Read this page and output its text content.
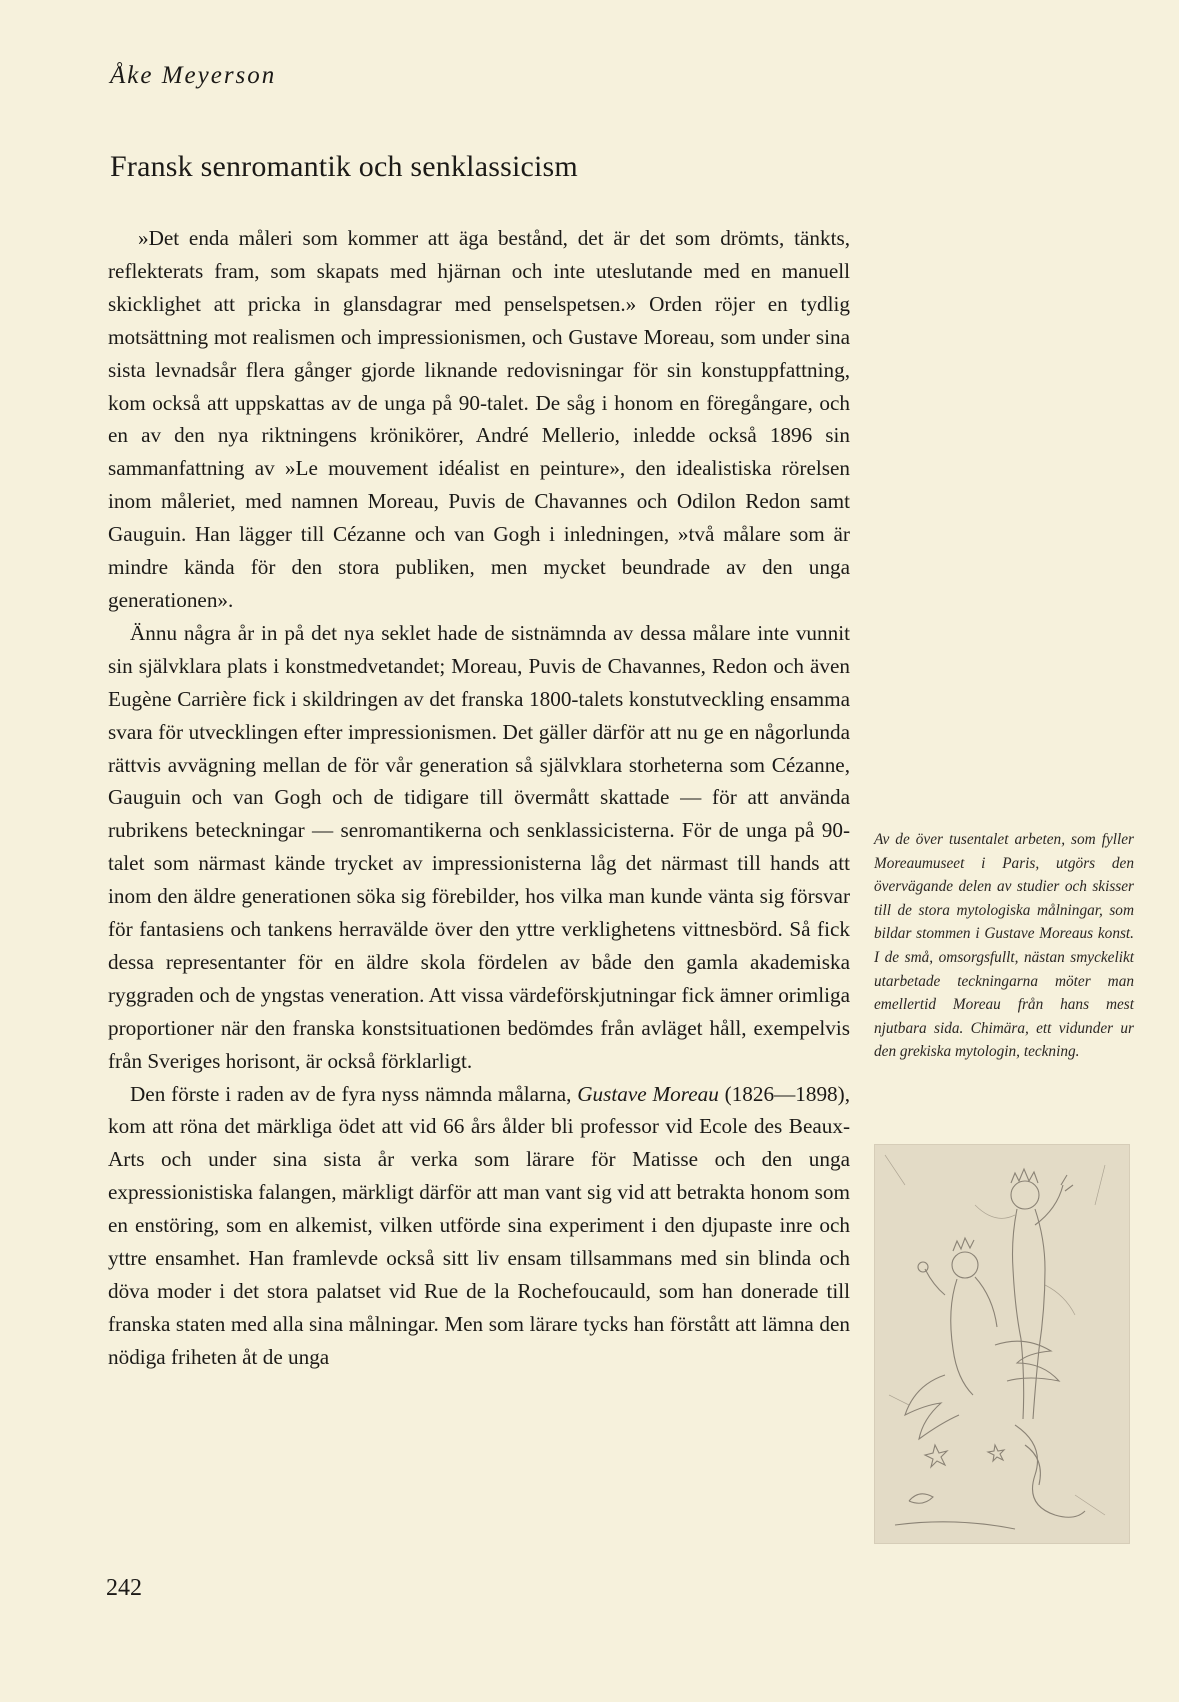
Åke Meyerson
Fransk senromantik och senklassicism

»Det enda måleri som kommer att äga bestånd, det är det som drömts, tänkts, reflekterats fram, som skapats med hjärnan och inte uteslutande med en manuell skicklighet att pricka in glansdagrar med penselspetsen.» Orden röjer en tydlig motsättning mot realismen och impressionismen, och Gustave Moreau, som under sina sista levnadsår flera gånger gjorde liknande redovisningar för sin konstuppfattning, kom också att uppskattas av de unga på 90-talet. De såg i honom en föregångare, och en av den nya riktningens krönikörer, André Mellerio, inledde också 1896 sin sammanfattning av »Le mouvement idéalist en peinture», den idealistiska rörelsen inom måleriet, med namnen Moreau, Puvis de Chavannes och Odilon Redon samt Gauguin. Han lägger till Cézanne och van Gogh i inledningen, »två målare som är mindre kända för den stora publiken, men mycket beundrade av den unga generationen».

Ännu några år in på det nya seklet hade de sistnämnda av dessa målare inte vunnit sin självklara plats i konstmedvetandet; Moreau, Puvis de Chavannes, Redon och även Eugène Carrière fick i skildringen av det franska 1800-talets konstutveckling ensamma svara för utvecklingen efter impressionismen. Det gäller därför att nu ge en någorlunda rättvis avvägning mellan de för vår generation så självklara storheterna som Cézanne, Gauguin och van Gogh och de tidigare till övermått skattade — för att använda rubrikens beteckningar — senromantikerna och senklassicisterna. För de unga på 90-talet som närmast kände trycket av impressionisterna låg det närmast till hands att inom den äldre generationen söka sig förebilder, hos vilka man kunde vänta sig försvar för fantasiens och tankens herravälde över den yttre verklighetens vittnesbörd. Så fick dessa representanter för en äldre skola fördelen av både den gamla akademiska ryggraden och de yngstas veneration. Att vissa värdeförskjutningar fick ämner orimliga proportioner när den franska konstsituationen bedömdes från avläget håll, exempelvis från Sveriges horisont, är också förklarligt.

Den förste i raden av de fyra nyss nämnda målarna, Gustave Moreau (1826—1898), kom att röna det märkliga ödet att vid 66 års ålder bli professor vid Ecole des Beaux-Arts och under sina sista år verka som lärare för Matisse och den unga expressionistiska falangen, märkligt därför att man vant sig vid att betrakta honom som en enstöring, som en alkemist, vilken utförde sina experiment i den djupaste inre och yttre ensamhet. Han framlevde också sitt liv ensam tillsammans med sin blinda och döva moder i det stora palatset vid Rue de la Rochefoucauld, som han donerade till franska staten med alla sina målningar. Men som lärare tycks han förstått att lämna den nödiga friheten åt de unga

Av de över tusentalet arbeten, som fyller Moreaumuseet i Paris, utgörs den övervägande delen av studier och skisser till de stora mytologiska målningar, som bildar stommen i Gustave Moreaus konst. I de små, omsorgsfullt, nästan smyckelikt utarbetade teckningarna möter man emellertid Moreau från hans mest njutbara sida. Chimära, ett vidunder ur den grekiska mytologin, teckning.
242
